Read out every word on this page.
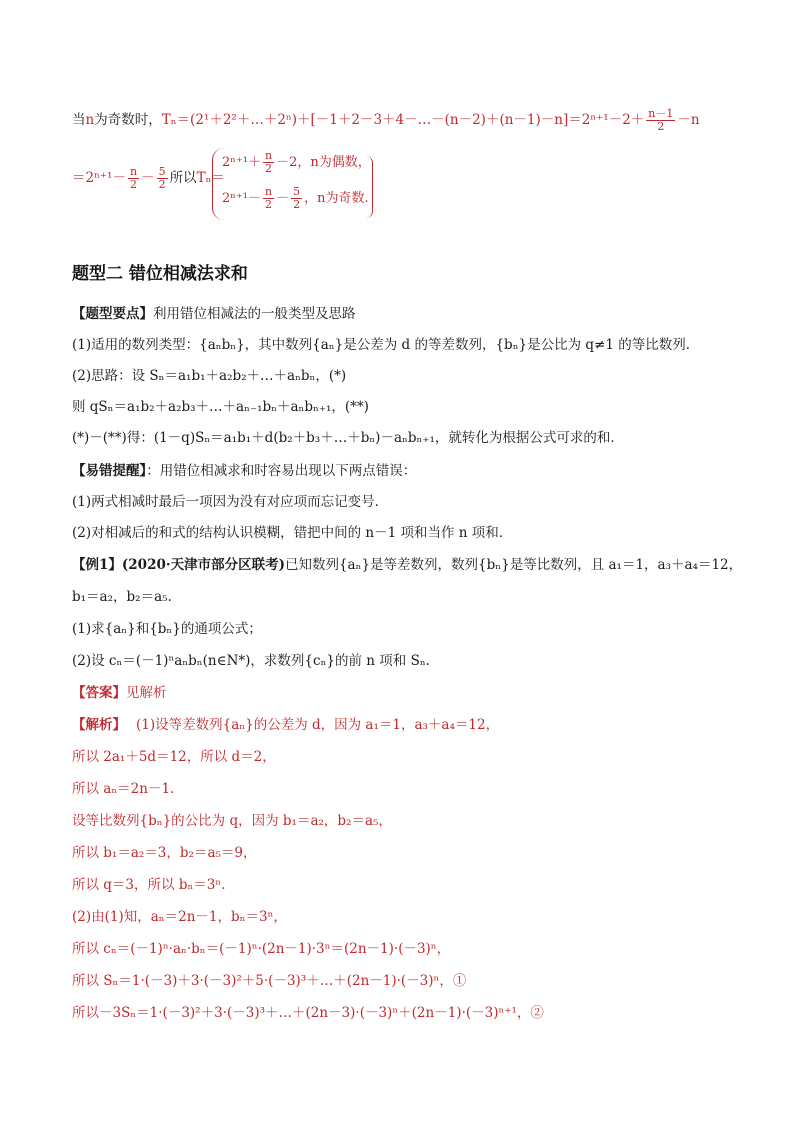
当n为奇数时，Tₙ＝(2¹＋2²＋…＋2ⁿ)＋[－1＋2－3＋4－…－(n－2)＋(n－1)－n]＝2ⁿ⁺¹－2＋ $\frac{n-1}{2} -n$
$=2^{n+1}- \frac{n}{2} - \frac{5}{2}$ 所以Tₙ＝
$2^{n+1}+ \frac{n}{2} -2$，n为偶数，
$2^{n+1}- \frac{n}{2} - \frac{5}{2}$ ，n为奇数.
题型二 错位相减法求和
【题型要点】利用错位相减法的一般类型及思路
(1)适用的数列类型：{aₙbₙ}，其中数列{aₙ}是公差为 d 的等差数列，{bₙ}是公比为 q≠1 的等比数列．
(2)思路：设 Sₙ＝a₁b₁＋a₂b₂＋…＋aₙbₙ，(*)
则 qSₙ＝a₁b₂＋a₂b₃＋…＋aₙ₋₁bₙ＋aₙbₙ₊₁，(**)
(*)－(**)得：(1－q)Sₙ＝a₁b₁＋d(b₂＋b₃＋…＋bₙ)－aₙbₙ₊₁，就转化为根据公式可求的和．
【易错提醒】：用错位相减求和时容易出现以下两点错误：
(1)两式相减时最后一项因为没有对应项而忘记变号．
(2)对相减后的和式的结构认识模糊，错把中间的 n－1 项和当作 n 项和．
【例1】(2020·天津市部分区联考)已知数列{aₙ}是等差数列，数列{bₙ}是等比数列，且 a₁＝1，a₃＋a₄＝12，
b₁＝a₂，b₂＝a₅.
(1)求{aₙ}和{bₙ}的通项公式；
(2)设 cₙ＝(－1)ⁿaₙbₙ(n∈N*)，求数列{cₙ}的前 n 项和 Sₙ.
【答案】见解析
【解析】 (1)设等差数列{aₙ}的公差为 d，因为 a₁＝1，a₃＋a₄＝12，
所以 2a₁＋5d＝12，所以 d＝2，
所以 aₙ＝2n－1.
设等比数列{bₙ}的公比为 q，因为 b₁＝a₂，b₂＝a₅，
所以 b₁＝a₂＝3，b₂＝a₅＝9，
所以 q＝3，所以 bₙ＝3ⁿ.
(2)由(1)知，aₙ＝2n－1，bₙ＝3ⁿ，
所以 cₙ＝(－1)ⁿ·aₙ·bₙ＝(－1)ⁿ·(2n－1)·3ⁿ＝(2n－1)·(－3)ⁿ，
所以 Sₙ＝1·(－3)＋3·(－3)²＋5·(－3)³＋…＋(2n－1)·(－3)ⁿ，①
所以－3Sₙ＝1·(－3)²＋3·(－3)³＋…＋(2n－3)·(－3)ⁿ＋(2n－1)·(－3)ⁿ⁺¹，②
